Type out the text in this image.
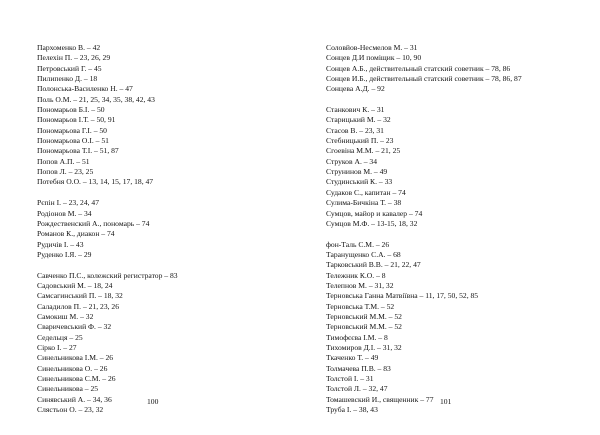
Пархоменко В. – 42
Пелехін П. – 23, 26, 29
Петровський Г. – 45
Пилипенко Д. – 18
Полонська-Василенко Н. – 47
Поль О.М. – 21, 25, 34, 35, 38, 42, 43
Пономарьов Б.І. – 50
Пономарьов І.Т. – 50, 91
Пономарьова Г.І. – 50
Пономарьова О.І. – 51
Пономарьова Т.І. – 51, 87
Попов А.П. – 51
Попов Л. – 23, 25
Потебня О.О. – 13, 14, 15, 17, 18, 47
Рєпін І. – 23, 24, 47
Родіонов М. – 34
Рождественский А., пономарь – 74
Романов К., диакон – 74
Рудичів І. – 43
Руденко І.Я. – 29
Савченко П.С., колежский регистратор – 83
Садовський М. – 18, 24
Самсагинський П. – 18, 32
Саладилов П. – 21, 23, 26
Самокиш М. – 32
Сваричевський Ф. – 32
Седельця – 25
Сірко І. – 27
Синельникова І.М. – 26
Синельникова О. – 26
Синельникова С.М. – 26
Синельникова – 25
Синявський А. – 34, 36
Слястьон О. – 23, 32
100
Соловйов-Несмелов М. – 31
Сонцев Д.И помiщик – 10, 90
Сонцев А.Б., действительный статский советник – 78, 86
Сонцев И.Б., действительный статский советник – 78, 86, 87
Сонцева А.Д. – 92
Станкович К. – 31
Старицький М. – 32
Стасов В. – 23, 31
Стебницький П. – 23
Сгоевiна М.М. – 21, 25
Струков А. – 34
Струнинов М. – 49
Студинський К. – 33
Судаков С., капитан – 74
Сулима-Бичкіна Т. – 38
Сумцов, майор и кавалер – 74
Сумцов М.Ф. – 13-15, 18, 32
фон-Таль С.М. – 26
Таранущенко С.А. – 68
Тарковський В.В. – 21, 22, 47
Тележник К.О. – 8
Телепнов М. – 31, 32
Терновська Ганна Матвіївна – 11, 17, 50, 52, 85
Терновська Т.М. – 52
Терновський М.М. – 52
Терновський М.М. – 52
Тимофєєва І.М. – 8
Тихомиров Д.І. – 31, 32
Ткаченко Т. – 49
Толмачева П.В. – 83
Толстой І. – 31
Толстой Л. – 32, 47
Томашевский И., священник – 77
Труба І. – 38, 43
101
